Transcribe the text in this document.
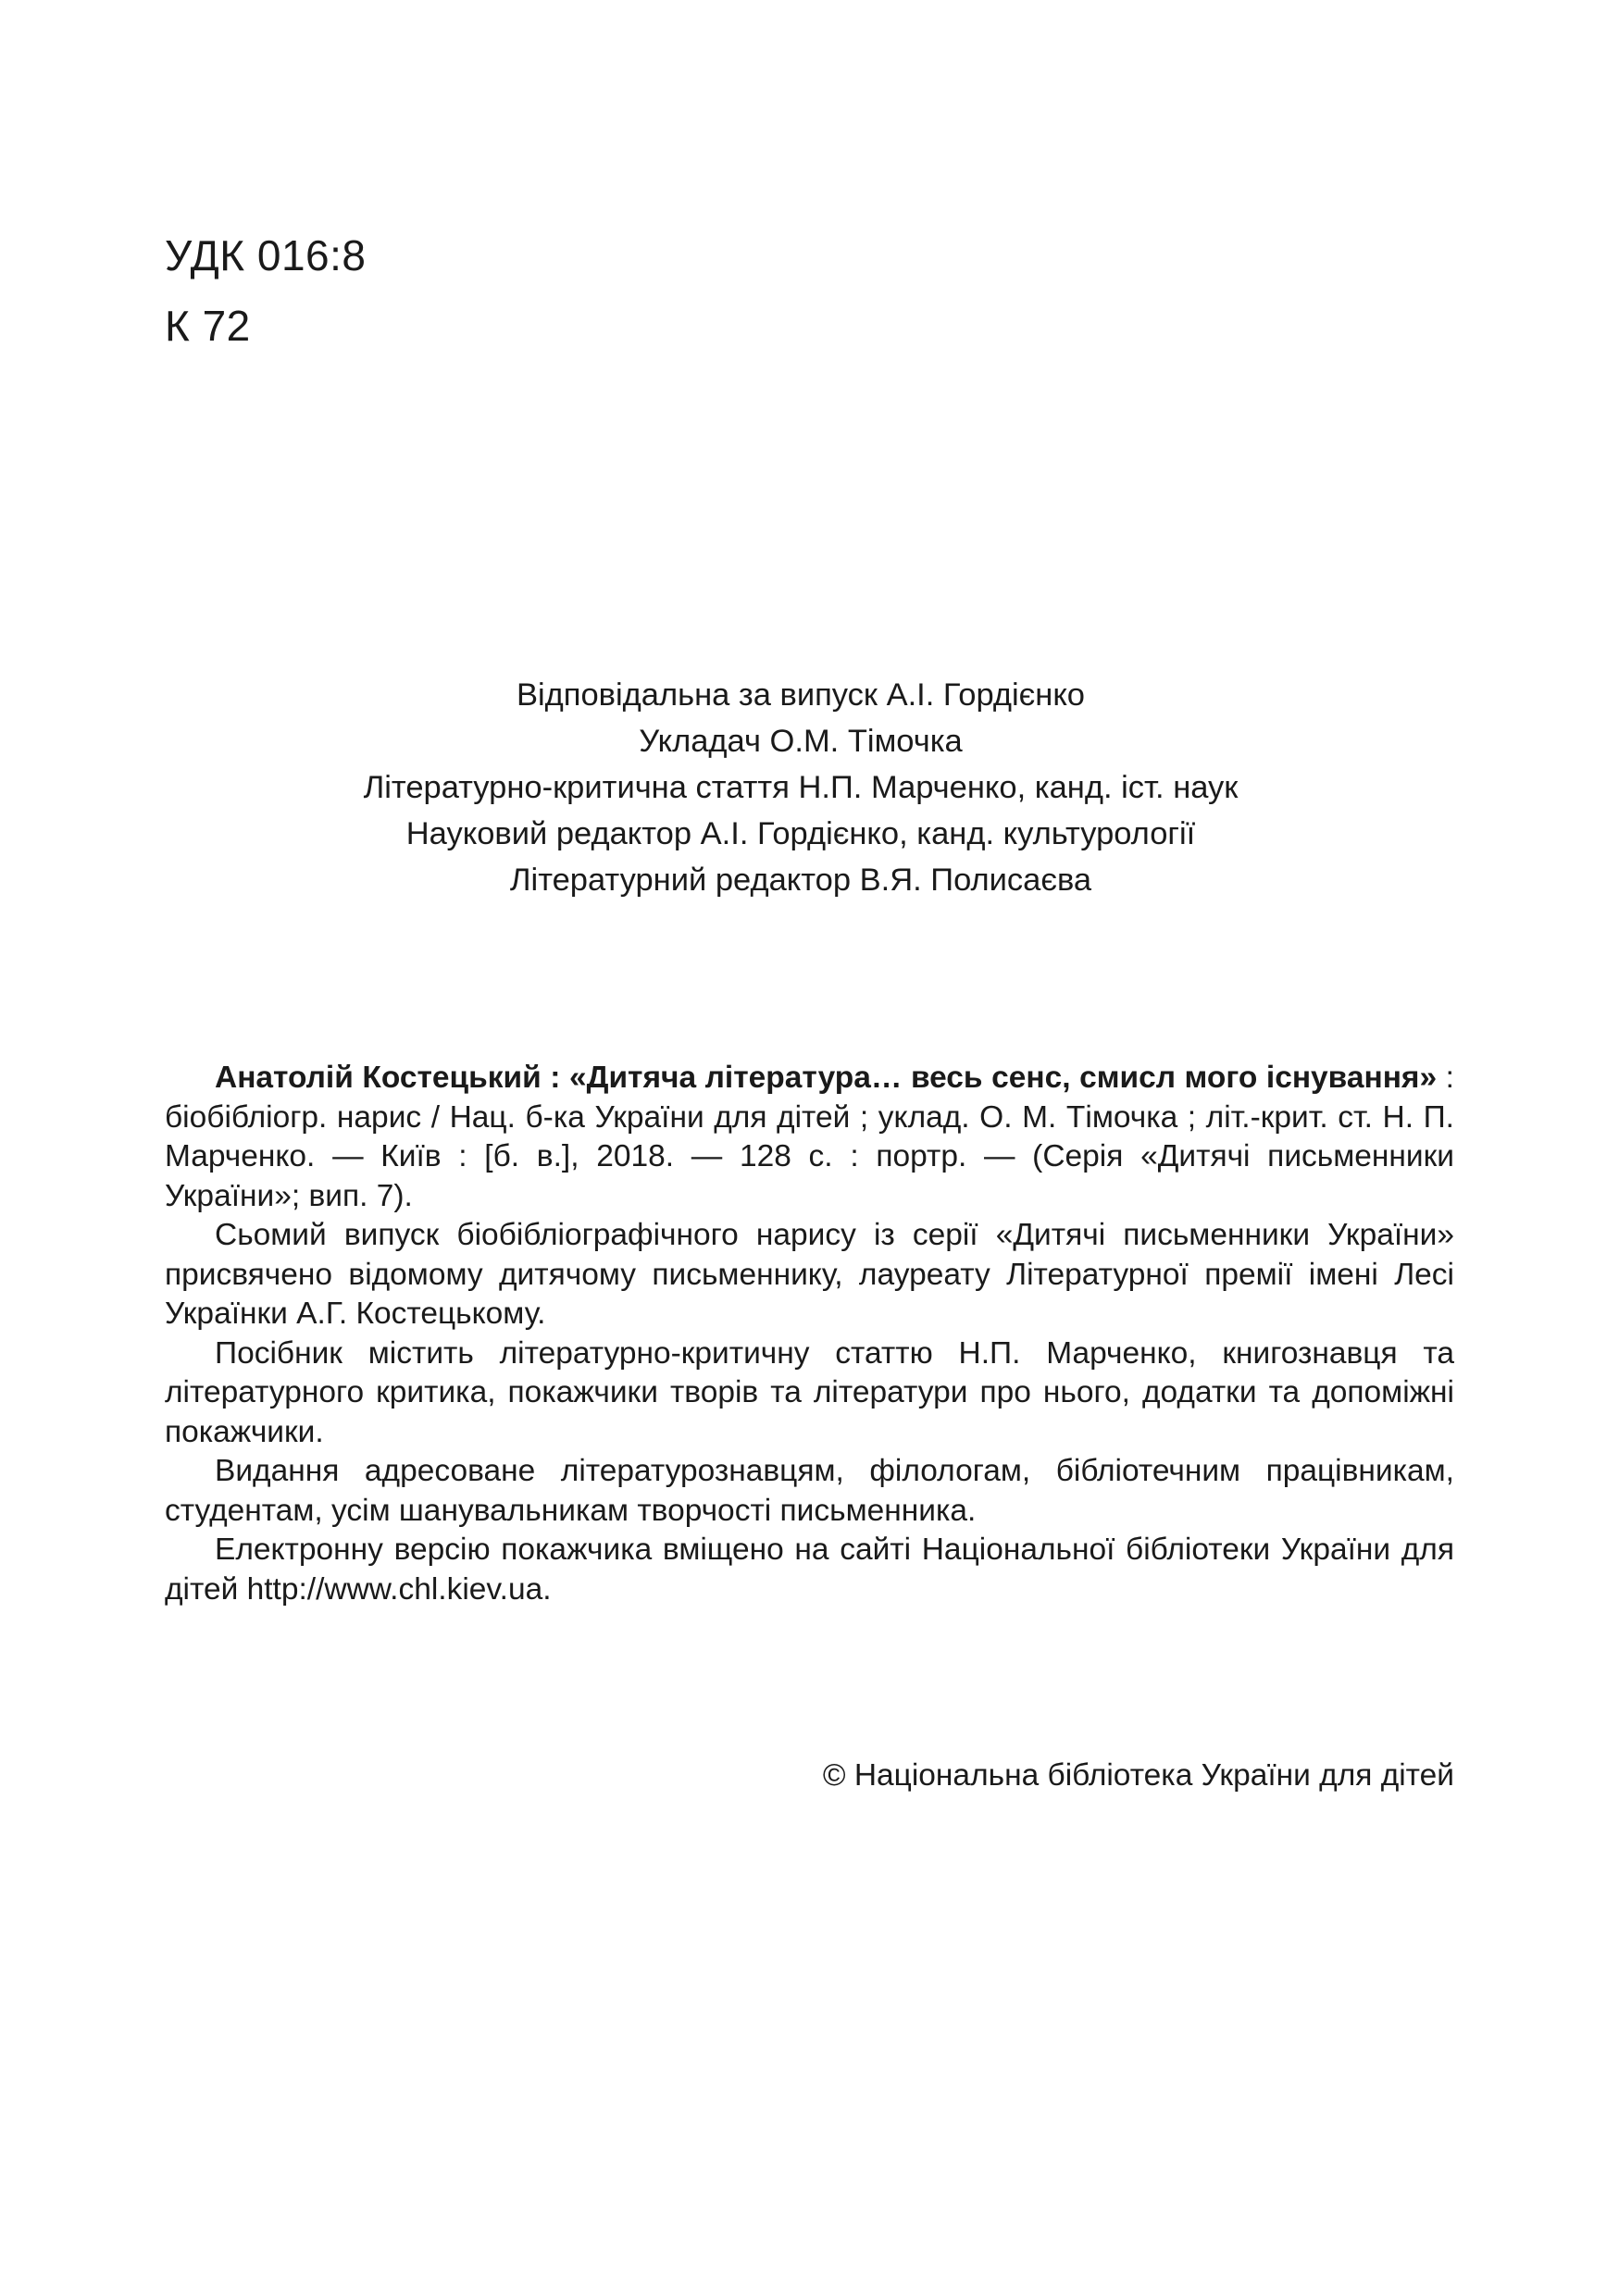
УДК 016:8
К 72
Відповідальна за випуск А.І. Гордієнко
Укладач О.М. Тімочка
Літературно-критична стаття Н.П. Марченко, канд. іст. наук
Науковий редактор А.І. Гордієнко, канд. культурології
Літературний редактор В.Я. Полисаєва

Анатолій Костецький : «Дитяча література… весь сенс, смисл мого існування» : біобібліогр. нарис / Нац. б-ка України для дітей ; уклад. О. М. Тімочка ; літ.-крит. ст. Н. П. Марченко. — Київ : [б. в.], 2018. — 128 с. : портр. — (Серія «Дитячі письменники України»; вип. 7).

Сьомий випуск біобібліографічного нарису із серії «Дитячі письменники України» присвячено відомому дитячому письменнику, лауреату Літературної премії імені Лесі Українки А.Г. Костецькому.

Посібник містить літературно-критичну статтю Н.П. Марченко, книгознавця та літературного критика, покажчики творів та літератури про нього, додатки та допоміжні покажчики.

Видання адресоване літературознавцям, філологам, бібліотечним працівникам, студентам, усім шанувальникам творчості письменника.

Електронну версію покажчика вміщено на сайті Національної бібліотеки України для дітей http://www.chl.kiev.ua.

© Національна бібліотека України для дітей
